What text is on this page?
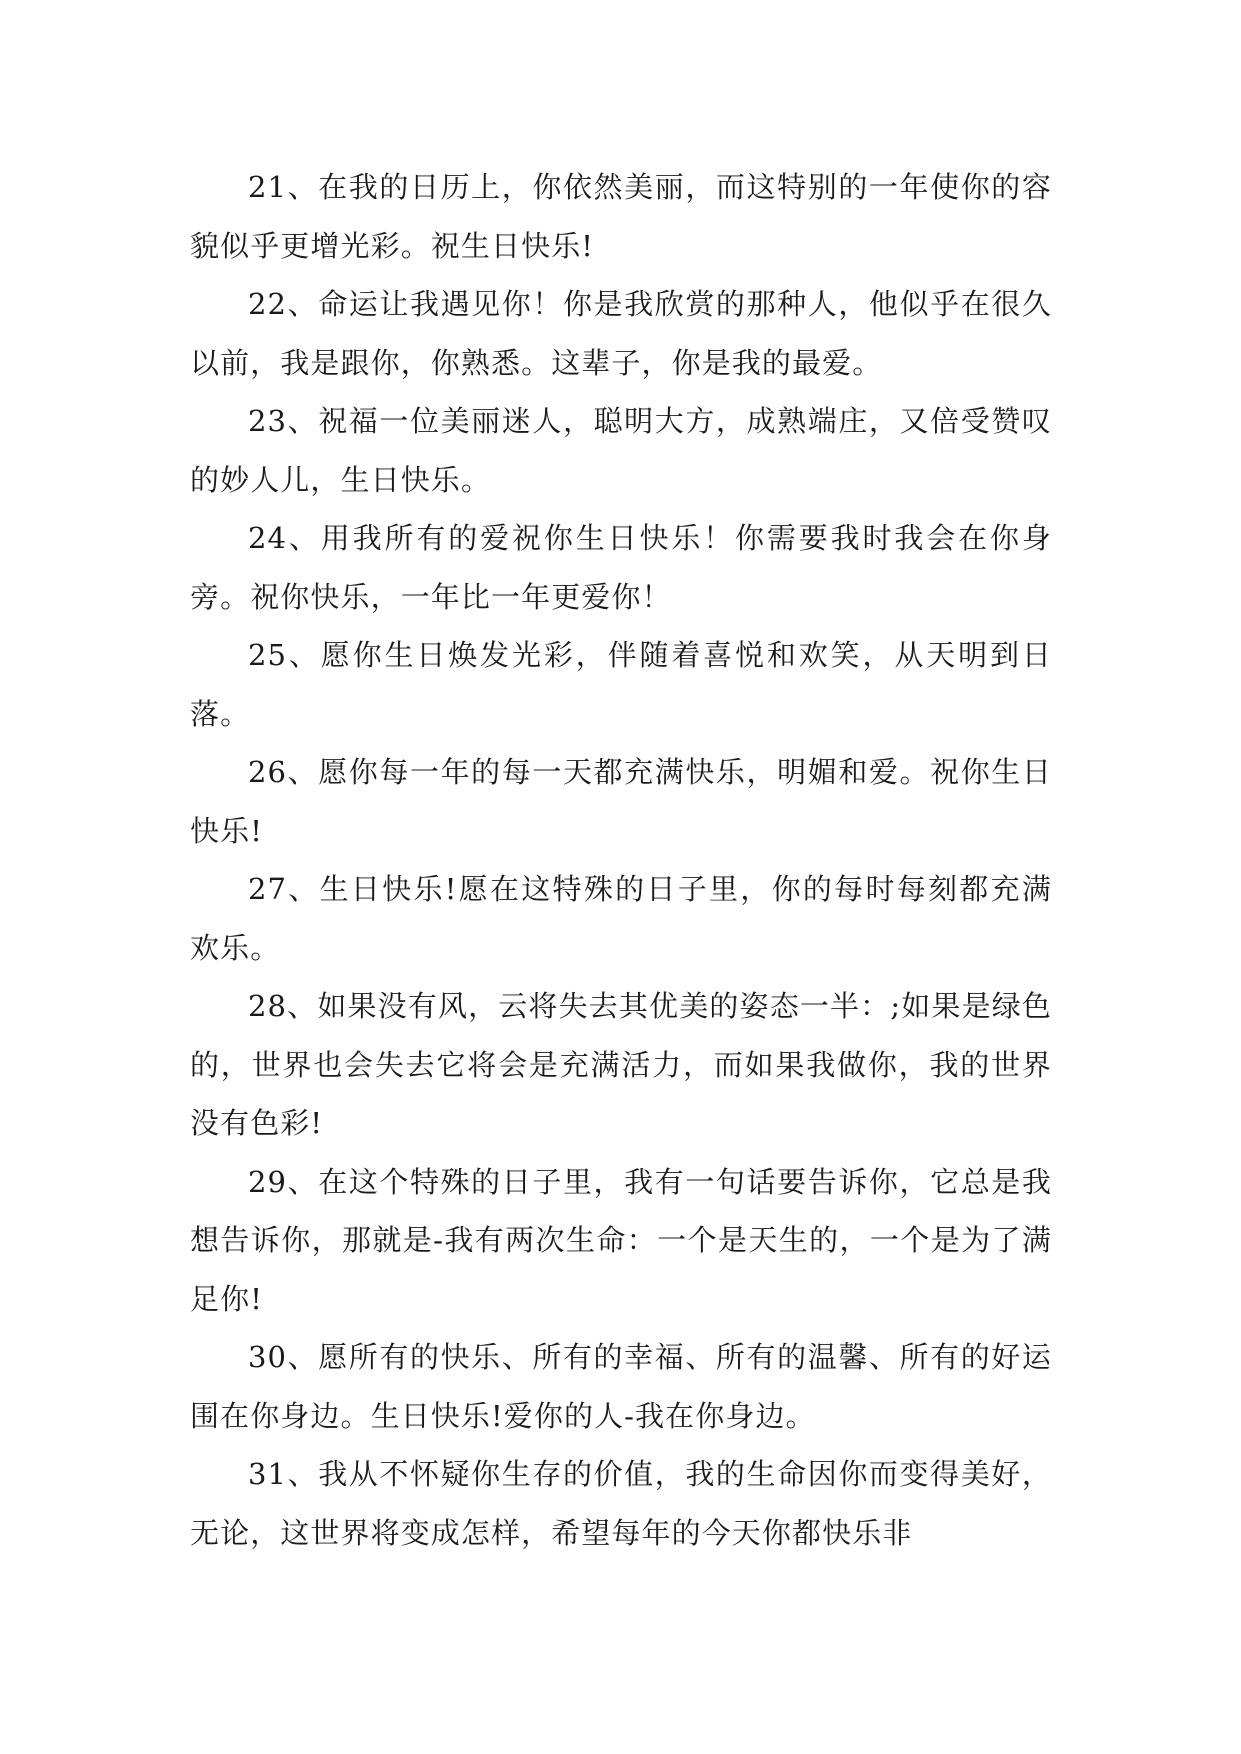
21、在我的日历上，你依然美丽，而这特别的一年使你的容貌似乎更增光彩。祝生日快乐!

22、命运让我遇见你！你是我欣赏的那种人，他似乎在很久以前，我是跟你，你熟悉。这辈子，你是我的最爱。

23、祝福一位美丽迷人，聪明大方，成熟端庄，又倍受赞叹的妙人儿，生日快乐。

24、用我所有的爱祝你生日快乐！你需要我时我会在你身旁。祝你快乐，一年比一年更爱你！

25、愿你生日焕发光彩，伴随着喜悦和欢笑，从天明到日落。

26、愿你每一年的每一天都充满快乐，明媚和爱。祝你生日快乐!

27、生日快乐!愿在这特殊的日子里，你的每时每刻都充满欢乐。

28、如果没有风，云将失去其优美的姿态一半：;如果是绿色的，世界也会失去它将会是充满活力，而如果我做你，我的世界没有色彩!

29、在这个特殊的日子里，我有一句话要告诉你，它总是我想告诉你，那就是-我有两次生命：一个是天生的，一个是为了满足你!

30、愿所有的快乐、所有的幸福、所有的温馨、所有的好运围在你身边。生日快乐!爱你的人-我在你身边。

31、我从不怀疑你生存的价值，我的生命因你而变得美好，无论，这世界将变成怎样，希望每年的今天你都快乐非
